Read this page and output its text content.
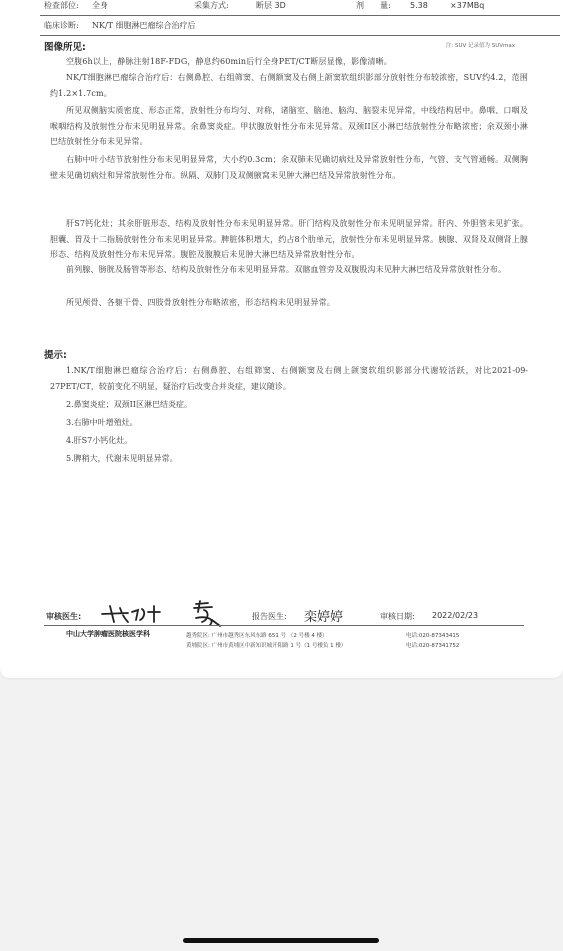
检查部位: 全身	采集方式:	断层 3D	剂　　量: 5.38	×37MBq
临床诊断: NK/T 细胞淋巴瘤综合治疗后
图像所见:	注: SUV 记录值为 SUVmax
空腹6h以上，静脉注射18F-FDG，静息约60min后行全身PET/CT断层显像，影像清晰。
NK/T细胞淋巴瘤综合治疗后：右侧鼻腔、右组筛窦、右侧额窦及右侧上颌窦软组织影部分放射性分布较浓密，SUV约4.2，范围约1.2×1.7cm。
所见双侧脑实质密度、形态正常，放射性分布均匀、对称，诸脑室、脑池、脑沟、脑裂未见异常，中线结构居中。鼻咽、口咽及喉咽结构及放射性分布未见明显异常。余鼻窦炎症。甲状腺放射性分布未见异常。双颈II区小淋巴结放射性分布略浓密；余双颈小淋巴结放射性分布未见异常。
右肺中叶小结节放射性分布未见明显异常，大小约0.3cm；余双肺未见确切病灶及异常放射性分布，气管、支气管通畅。双侧胸壁未见确切病灶和异常放射性分布。纵隔、双肺门及双侧腋窝未见肿大淋巴结及异常放射性分布。
肝S7钙化灶；其余肝脏形态、结构及放射性分布未见明显异常。肝门结构及放射性分布未见明显异常。肝内、外胆管未见扩张。胆囊、胃及十二指肠放射性分布未见明显异常。脾脏体积增大，约占8个肋单元，放射性分布未见明显异常。胰腺、双肾及双侧肾上腺形态、结构及放射性分布未见异常。腹腔及腹膜后未见肿大淋巴结及异常放射性分布。
前列腺、膀胱及肠管等形态、结构及放射性分布未见明显异常。双髂血管旁及双腹股沟未见肿大淋巴结及异常放射性分布。
所见颅骨、各躯干骨、四肢骨放射性分布略浓密，形态结构未见明显异常。
提示:
1.NK/T细胞淋巴瘤综合治疗后：右侧鼻腔、右组筛窦、右侧额窦及右侧上颌窦软组织影部分代谢较活跃，对比2021-09-27PET/CT，较前变化不明显，疑治疗后改变合并炎症，建议随诊。
2.鼻窦炎症；双颈II区淋巴结炎症。
3.右肺中叶增殖灶。
4.肝S7小钙化灶。
5.脾稍大，代谢未见明显异常。
审核医生:	报告医生: 栾婷婷	审核日期: 2022/02/23
中山大学肿瘤医院核医学科	越秀院区: 广州市越秀区东风东路 651 号 （2 号楼 4 楼）	电话:020-87343415
黄埔院区: 广州市黄埔区中新知识城开阳路 1 号（1 号楼负 1 楼）	电话:020-87341752
